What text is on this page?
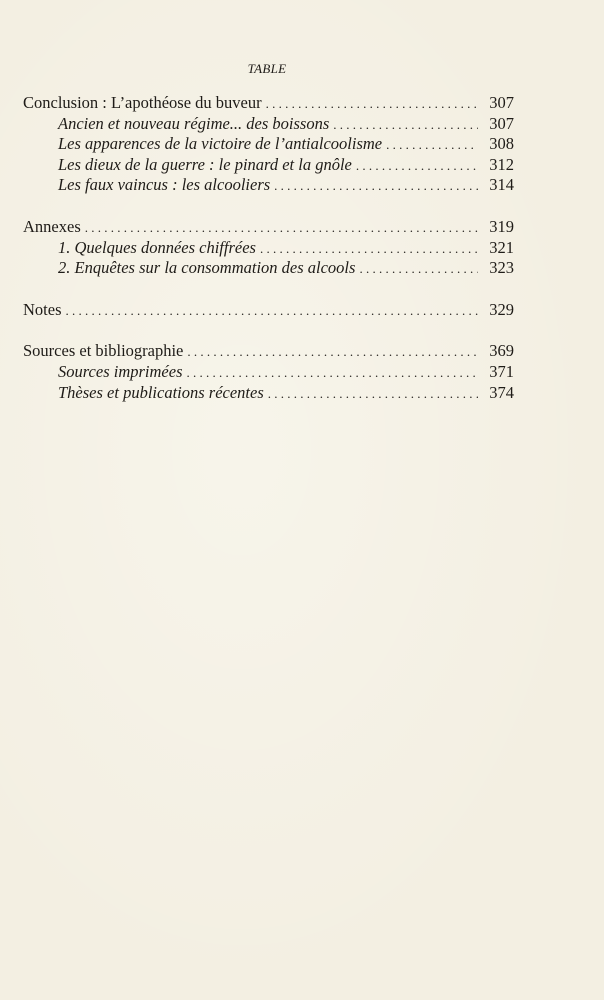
TABLE
Conclusion : L’apothéose du buveur . . .	307
Ancien et nouveau régime... des boissons . . .	307
Les apparences de la victoire de l’antialcoolisme . . .	308
Les dieux de la guerre : le pinard et la gnôle . . .	312
Les faux vaincus : les alcooliers . . .	314
Annexes . . .	319
1. Quelques données chiffrées . . .	321
2. Enquêtes sur la consommation des alcools . . .	323
Notes . . .	329
Sources et bibliographie . . .	369
Sources imprimées . . .	371
Thèses et publications récentes . . .	374
